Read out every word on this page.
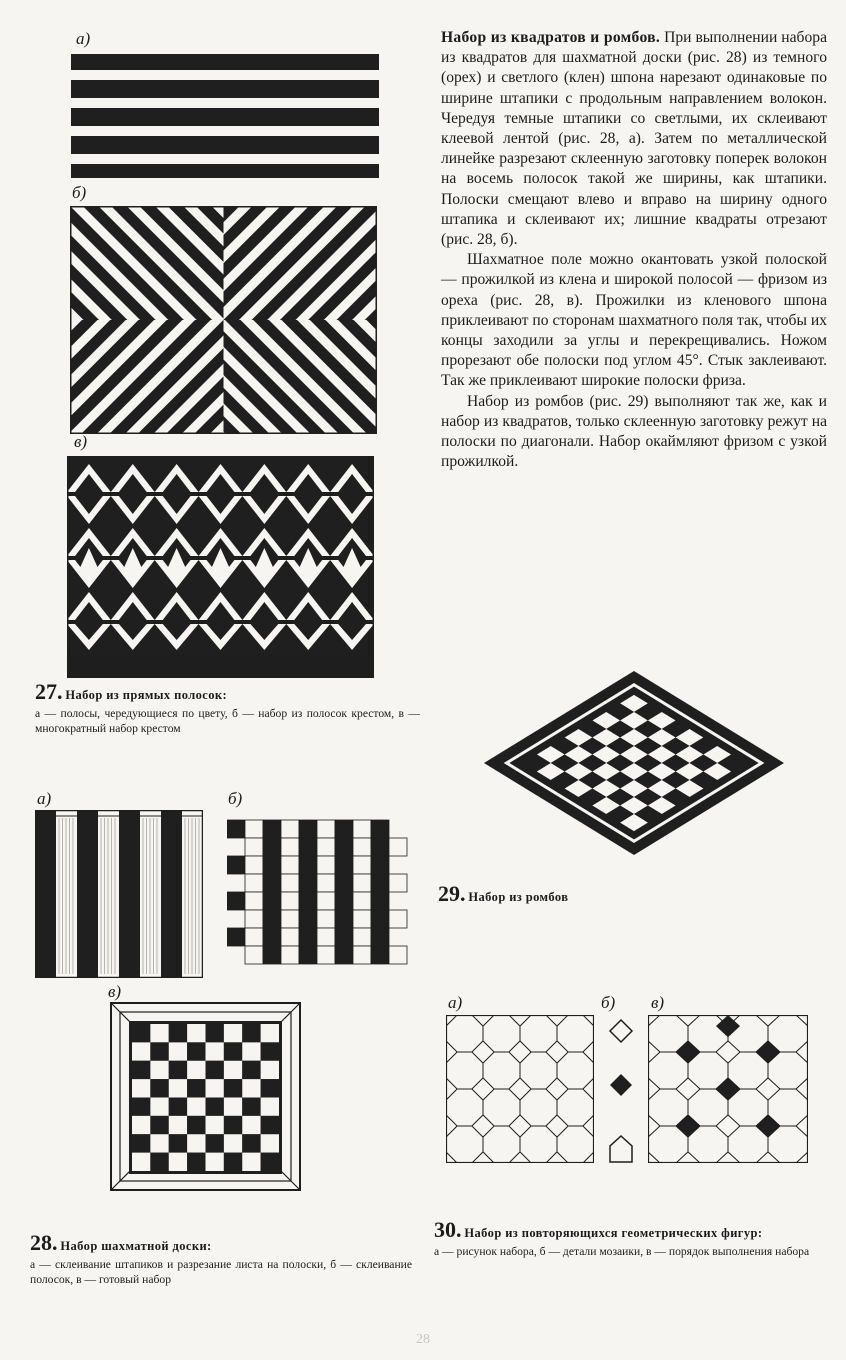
Набор из квадратов и ромбов. При выполнении набора из квадратов для шахматной доски (рис. 28) из темного (орех) и светлого (клен) шпона нарезают одинаковые по ширине штапики с продольным направлением волокон. Чередуя темные штапики со светлыми, их склеивают клеевой лентой (рис. 28, а). Затем по металлической линейке разрезают склеенную заготовку поперек волокон на восемь полосок такой же ширины, как штапики. Полоски смещают влево и вправо на ширину одного штапика и склеивают их; лишние квадраты отрезают (рис. 28, б).

Шахматное поле можно окантовать узкой полоской — прожилкой из клена и широкой полосой — фризом из ореха (рис. 28, в). Прожилки из кленового шпона приклеивают по сторонам шахматного поля так, чтобы их концы заходили за углы и перекрещивались. Ножом прорезают обе полоски под углом 45°. Стык заклеивают. Так же приклеивают широкие полоски фриза.

Набор из ромбов (рис. 29) выполняют так же, как и набор из квадратов, только склеенную заготовку режут на полоски по диагонали. Набор окаймляют фризом с узкой прожилкой.

а)
б)
в)
27. Набор из прямых полосок:
а — полосы, чередующиеся по цвету, б — набор из полосок крестом, в — многократный набор крестом
а)	б)
в)
28. Набор шахматной доски:
а — склеивание штапиков и разрезание листа на полоски, б — склеивание полосок, в — готовый набор
29. Набор из ромбов
а)	б) в)
30. Набор из повторяющихся геометрических фигур:
а — рисунок набора, б — детали мозаики, в — порядок выполнения набора
28
